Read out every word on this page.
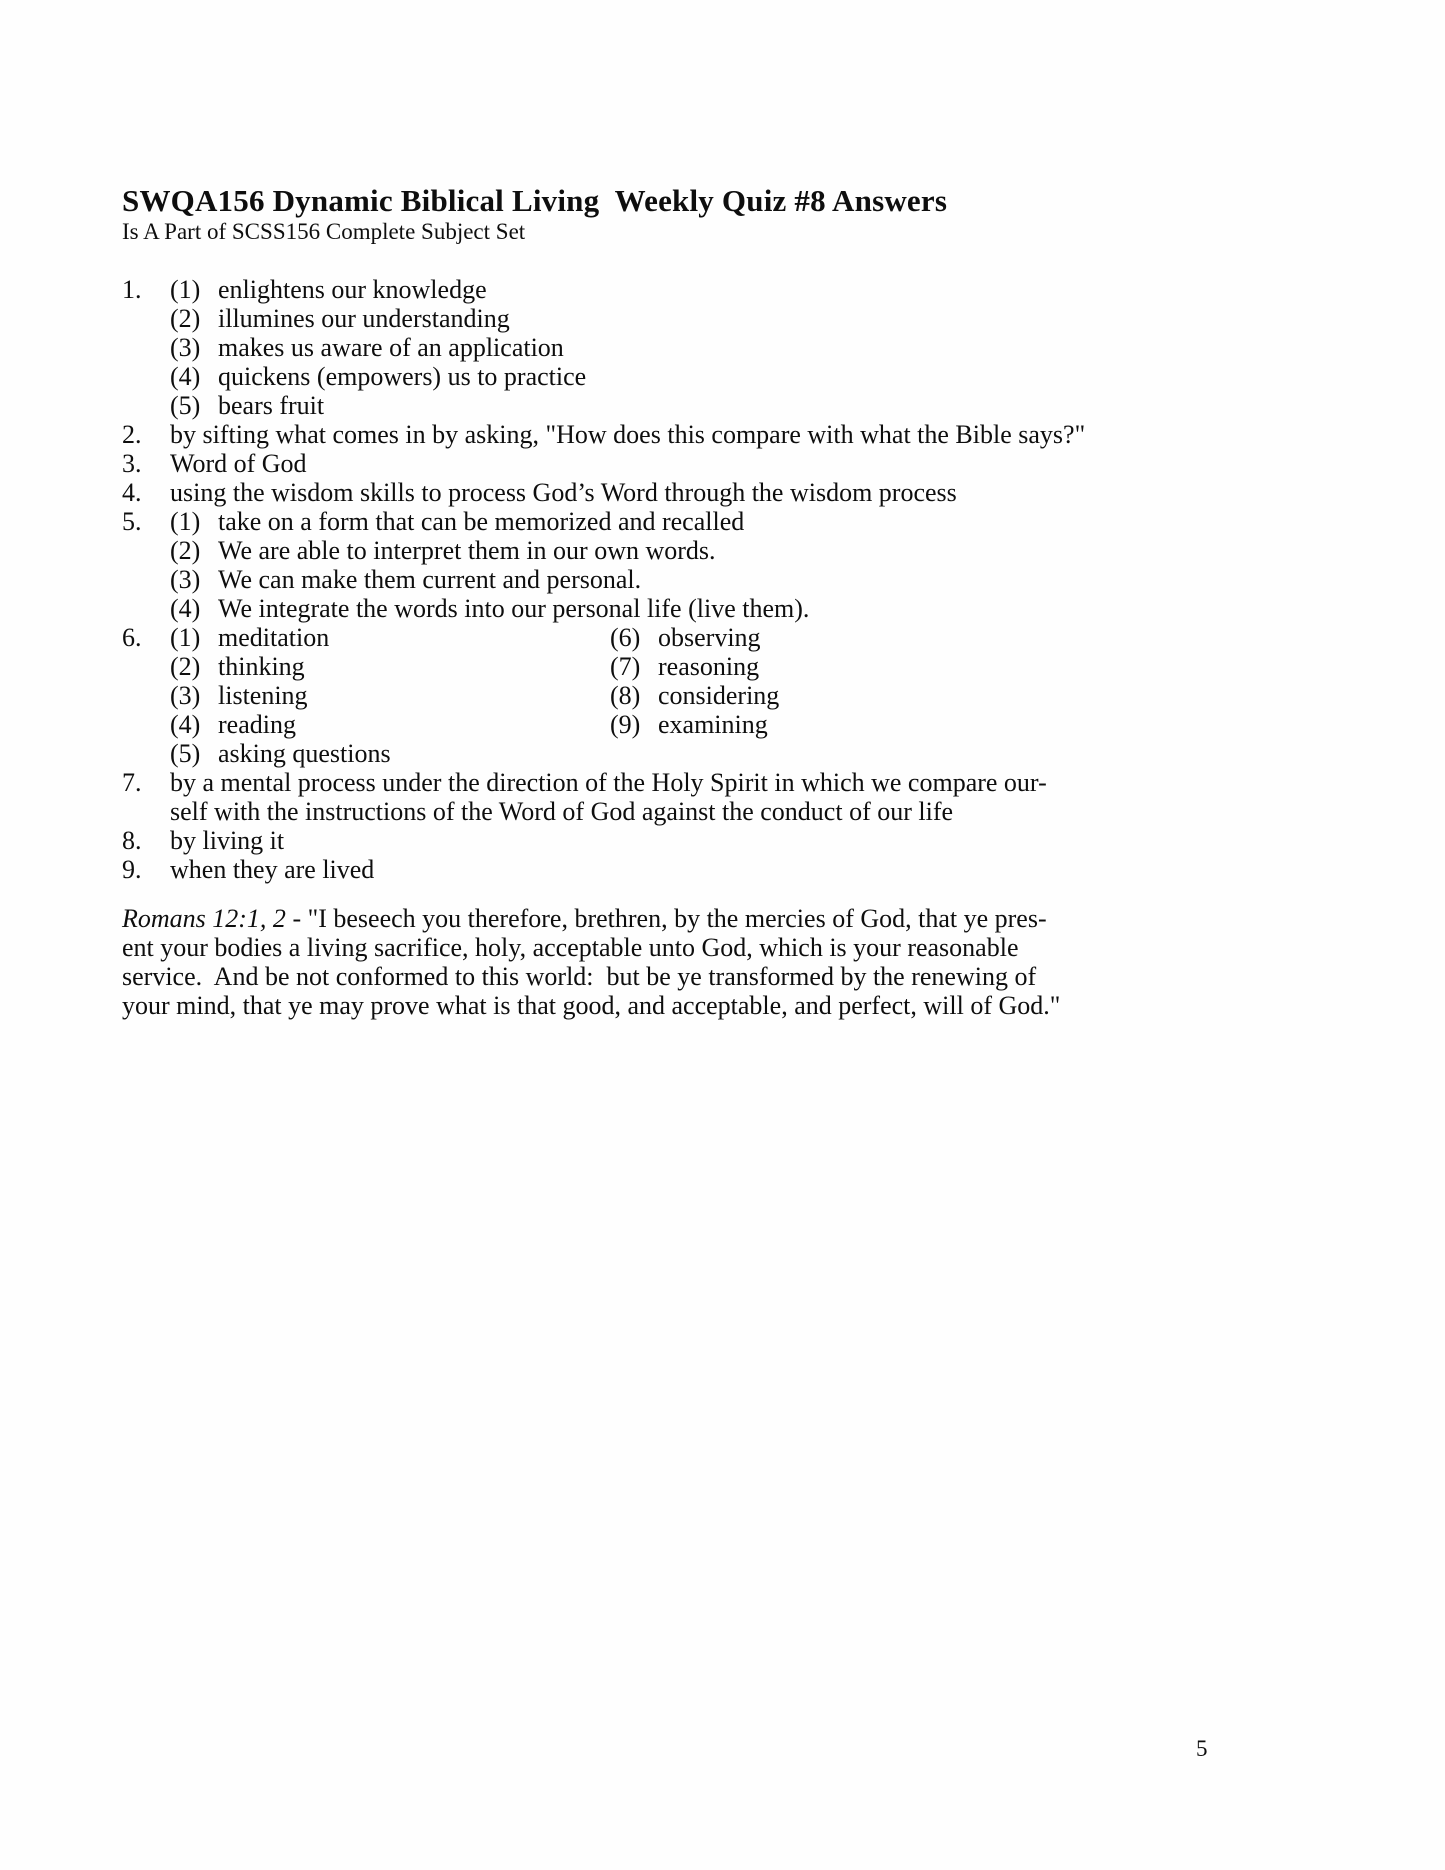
SWQA156 Dynamic Biblical Living  Weekly Quiz #8 Answers
Is A Part of SCSS156 Complete Subject Set
1.	(1) enlightens our knowledge
(2) illumines our understanding
(3) makes us aware of an application
(4) quickens (empowers) us to practice
(5) bears fruit
2.	by sifting what comes in by asking, "How does this compare with what the Bible says?"
3.	Word of God
4.	using the wisdom skills to process God’s Word through the wisdom process
5.	(1) take on a form that can be memorized and recalled
(2) We are able to interpret them in our own words.
(3) We can make them current and personal.
(4) We integrate the words into our personal life (live them).
6.	(1) meditation
(2) thinking
(3) listening
(4) reading
(5) asking questions
(6) observing
(7) reasoning
(8) considering
(9) examining
7.	by a mental process under the direction of the Holy Spirit in which we compare our-
self with the instructions of the Word of God against the conduct of our life
8.	by living it
9.	when they are lived
Romans 12:1, 2 - "I beseech you therefore, brethren, by the mercies of God, that ye pres-
ent your bodies a living sacrifice, holy, acceptable unto God, which is your reasonable
service.  And be not conformed to this world:  but be ye transformed by the renewing of
your mind, that ye may prove what is that good, and acceptable, and perfect, will of God."
5
